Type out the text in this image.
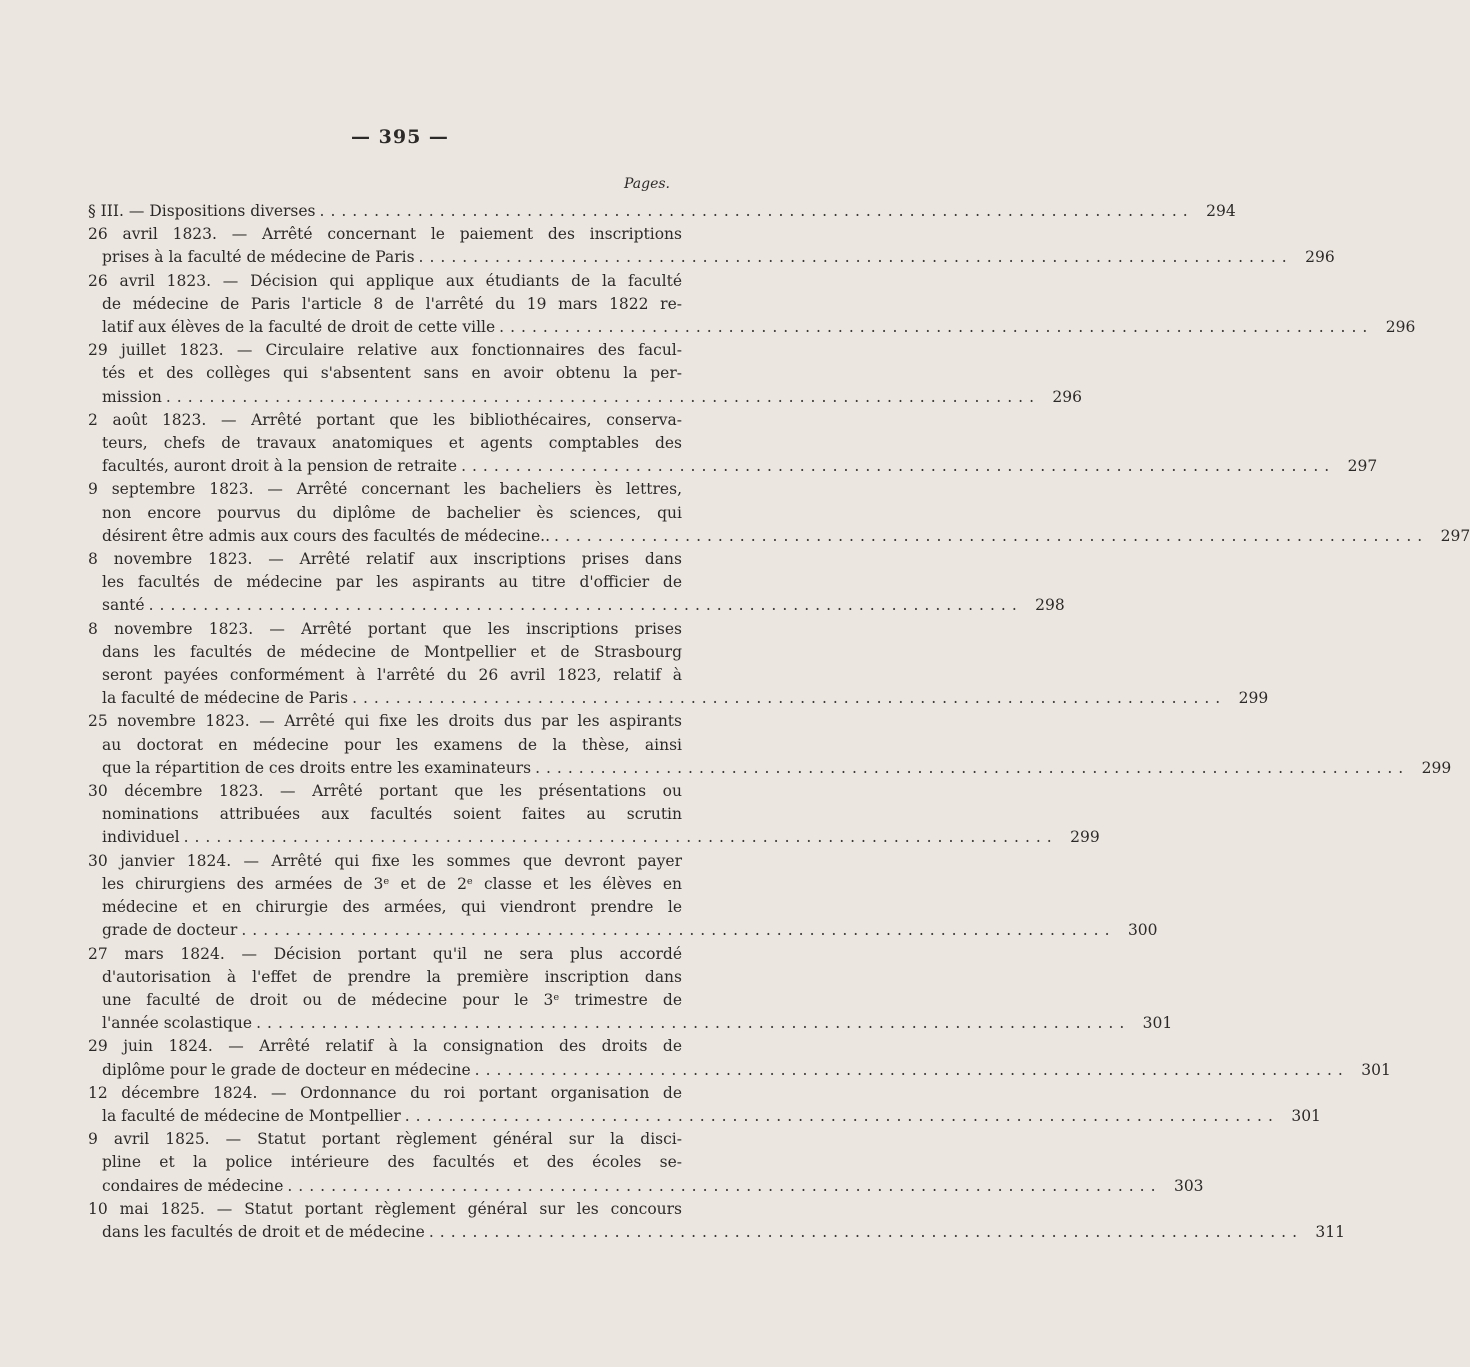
— 395 —
Pages.
§ III. — Dispositions diverses ................................................................................ 294
26 avril 1823. — Arrêté concernant le paiement des inscriptions
prises à la faculté de médecine de Paris ................................................................................ 296
26 avril 1823. — Décision qui applique aux étudiants de la faculté
de médecine de Paris l'article 8 de l'arrêté du 19 mars 1822 re-
latif aux élèves de la faculté de droit de cette ville ................................................................................ 296
29 juillet 1823. — Circulaire relative aux fonctionnaires des facul-
tés et des collèges qui s'absentent sans en avoir obtenu la per-
mission ................................................................................ 296
2 août 1823. — Arrêté portant que les bibliothécaires, conserva-
teurs, chefs de travaux anatomiques et agents comptables des
facultés, auront droit à la pension de retraite ................................................................................ 297
9 septembre 1823. — Arrêté concernant les bacheliers ès lettres,
non encore pourvus du diplôme de bachelier ès sciences, qui
désirent être admis aux cours des facultés de médecine.. ................................................................................ 297
8 novembre 1823. — Arrêté relatif aux inscriptions prises dans
les facultés de médecine par les aspirants au titre d'officier de
santé ................................................................................ 298
8 novembre 1823. — Arrêté portant que les inscriptions prises
dans les facultés de médecine de Montpellier et de Strasbourg
seront payées conformément à l'arrêté du 26 avril 1823, relatif à
la faculté de médecine de Paris ................................................................................ 299
25 novembre 1823. — Arrêté qui fixe les droits dus par les aspirants
au doctorat en médecine pour les examens de la thèse, ainsi
que la répartition de ces droits entre les examinateurs ................................................................................ 299
30 décembre 1823. — Arrêté portant que les présentations ou
nominations attribuées aux facultés soient faites au scrutin
individuel ................................................................................ 299
30 janvier 1824. — Arrêté qui fixe les sommes que devront payer
les chirurgiens des armées de 3ᵉ et de 2ᵉ classe et les élèves en
médecine et en chirurgie des armées, qui viendront prendre le
grade de docteur ................................................................................ 300
27 mars 1824. — Décision portant qu'il ne sera plus accordé
d'autorisation à l'effet de prendre la première inscription dans
une faculté de droit ou de médecine pour le 3ᵉ trimestre de
l'année scolastique ................................................................................ 301
29 juin 1824. — Arrêté relatif à la consignation des droits de
diplôme pour le grade de docteur en médecine ................................................................................ 301
12 décembre 1824. — Ordonnance du roi portant organisation de
la faculté de médecine de Montpellier ................................................................................ 301
9 avril 1825. — Statut portant règlement général sur la disci-
pline et la police intérieure des facultés et des écoles se-
condaires de médecine ................................................................................ 303
10 mai 1825. — Statut portant règlement général sur les concours
dans les facultés de droit et de médecine ................................................................................ 311
